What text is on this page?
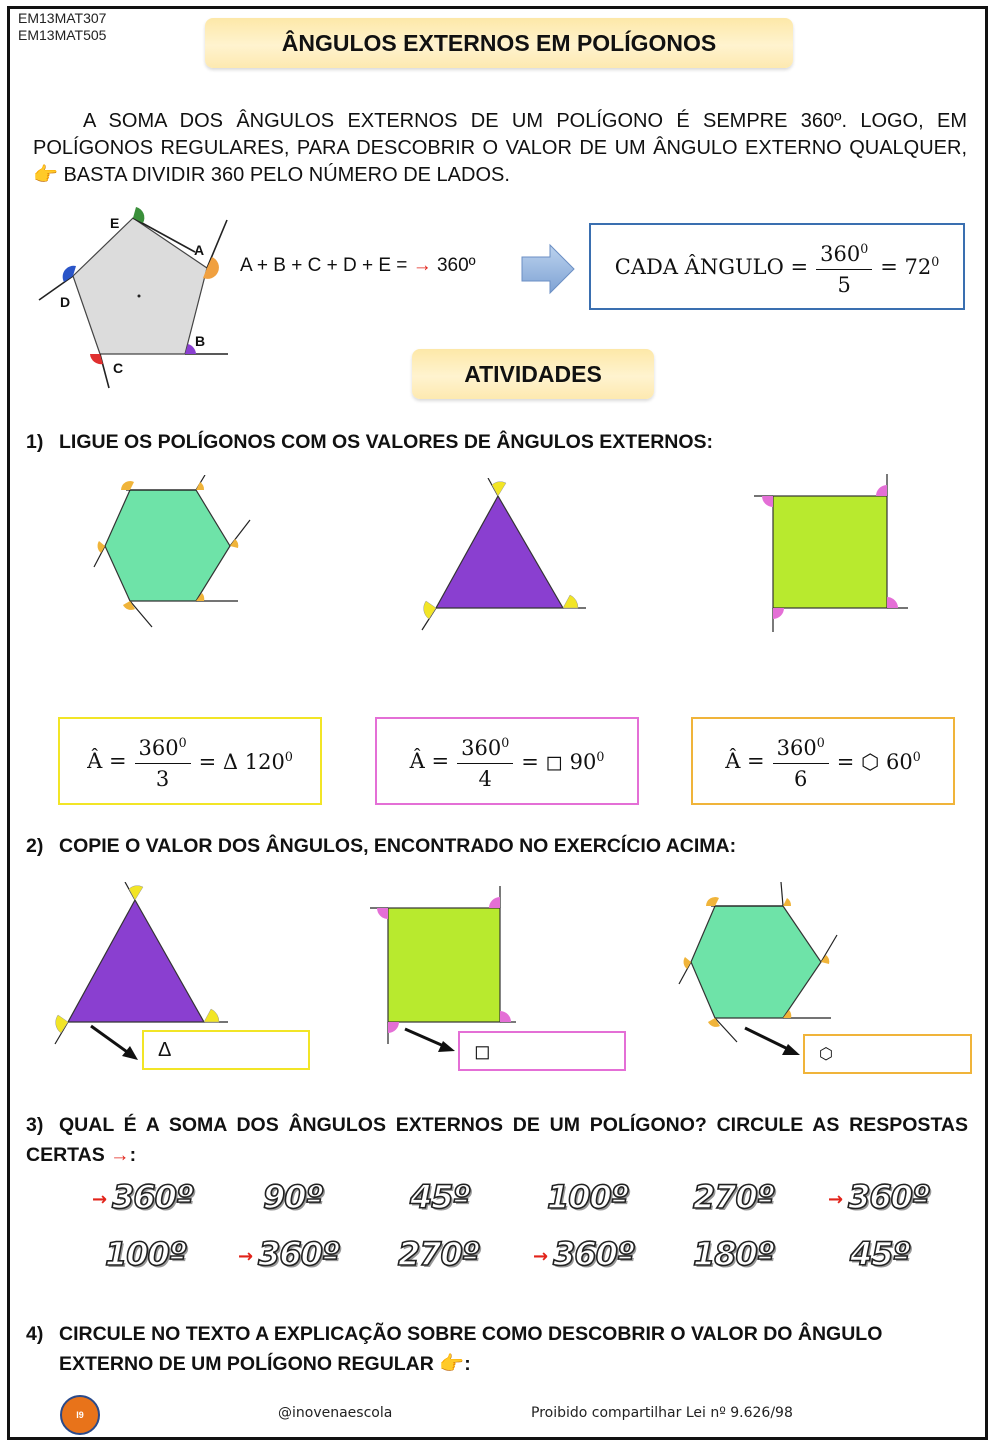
EM13MAT307
EM13MAT505	ÂNGULOS EXTERNOS EM POLÍGONOS
A SOMA DOS ÂNGULOS EXTERNOS DE UM POLÍGONO É SEMPRE 360º. LOGO, EM POLÍGONOS REGULARES, PARA DESCOBRIR O VALOR DE UM ÂNGULO EXTERNO QUALQUER, 👉 BASTA DIVIDIR 360 PELO NÚMERO DE LADOS.
E
A
B
C
D
A + B + C + D + E = → 360º	CADA ÂNGULO = $\frac{360^0}{5} = 72^0$
ATIVIDADES
1) LIGUE OS POLÍGONOS COM OS VALORES DE ÂNGULOS EXTERNOS:
Â = $\frac{360^0}{3} = \Delta$ $120^0$	Â = $\frac{360^0}{4}$ = ◻ $90^0$	Â = $\frac{360^0}{6}$ = ⬡ $60^0$
2) COPIE O VALOR DOS ÂNGULOS, ENCONTRADO NO EXERCÍCIO ACIMA:
Δ	◻	⬡
3) QUAL É A SOMA DOS ÂNGULOS EXTERNOS DE UM POLÍGONO? CIRCULE AS RESPOSTAS CERTAS →:
→ 360º 90º	45º 100º 270º	→ 360º
100º	→ 360º 270º	→ 360º 180º 45º
4) CIRCULE NO TEXTO A EXPLICAÇÃO SOBRE COMO DESCOBRIR O VALOR DO ÂNGULO
EXTERNO DE UM POLÍGONO REGULAR 👉:
I9	@inovenaescola	Proibido compartilhar Lei nº 9.626/98
